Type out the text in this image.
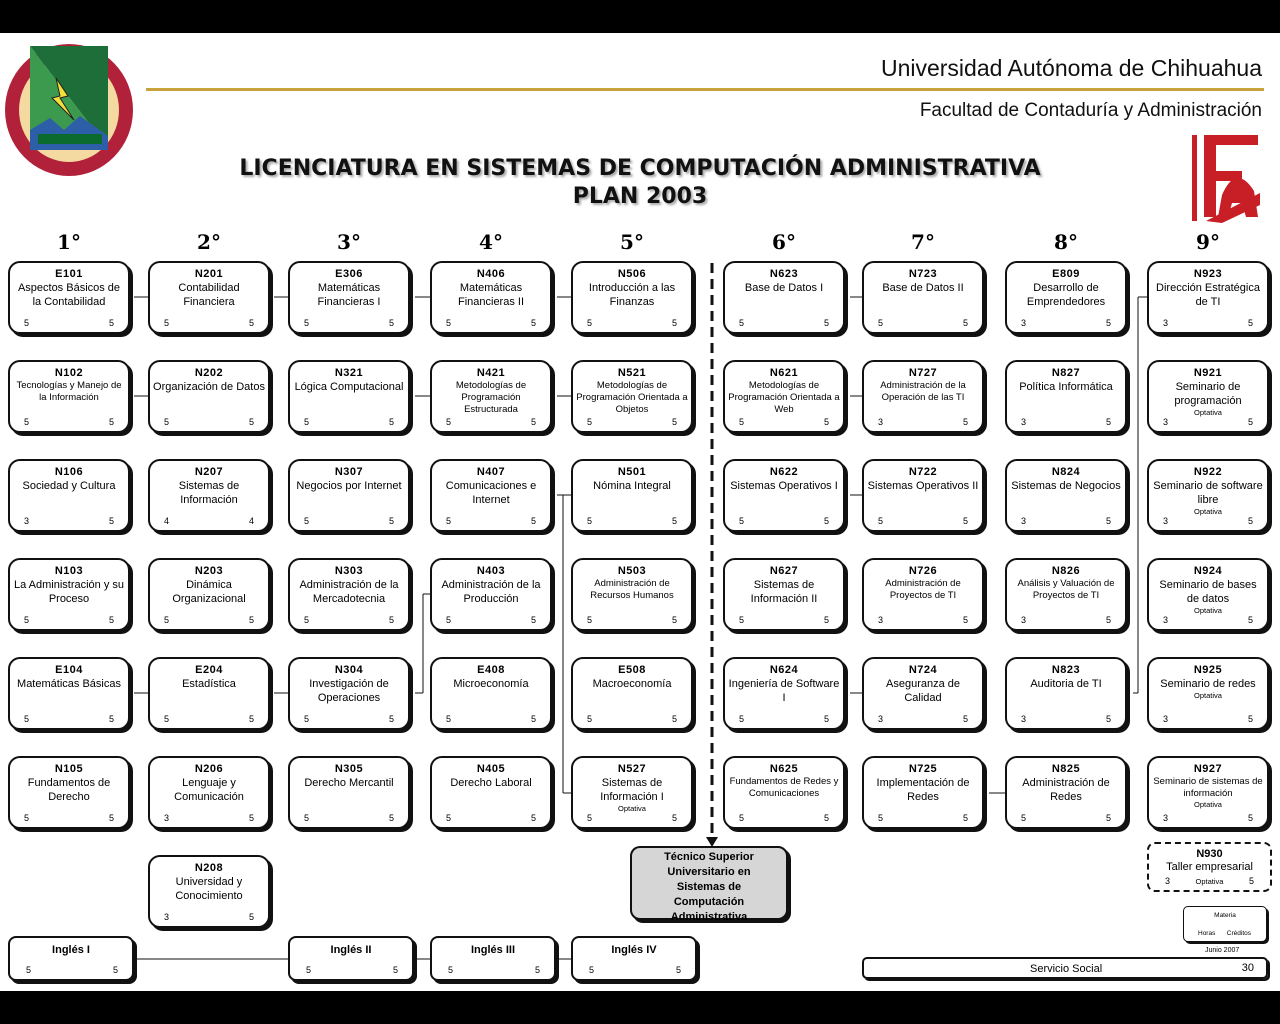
Universidad Autónoma de Chihuahua
Facultad de Contaduría y Administración
LICENCIATURA EN SISTEMAS DE COMPUTACIÓN ADMINISTRATIVA
PLAN 2003
1°	2°	3°	4°	5°	6°	7°	8°	9°
E101
Aspectos Básicos de la Contabilidad
5	5
N102
Tecnologías y Manejo de la Información
5	5
N106
Sociedad y Cultura
3	5
N103
La Administración y su Proceso
5	5
E104
Matemáticas Básicas
5	5
N105
Fundamentos de Derecho
5	5
N201
Contabilidad Financiera
5	5
N202
Organización de Datos
5	5
N207
Sistemas de Información
4	4
N203
Dinámica Organizacional
5	5
E204
Estadística
5	5
N206
Lenguaje y Comunicación
3	5
N208
Universidad y Conocimiento
3	5
E306
Matemáticas Financieras I
5	5
N321
Lógica Computacional
5	5
N307
Negocios por Internet
5	5
N303
Administración de la Mercadotecnia
5	5
N304
Investigación de Operaciones
5	5
N305
Derecho Mercantil
5	5
N406
Matemáticas Financieras II
5	5
N421
Metodologías de Programación Estructurada
5	5
N407
Comunicaciones e Internet
5	5
N403
Administración de la Producción
5	5
E408
Microeconomía
5	5
N405
Derecho Laboral
5	5
N506
Introducción a las Finanzas
5	5
N521
Metodologías de Programación Orientada a Objetos
5	5
N501
Nómina Integral
5	5
N503
Administración de Recursos Humanos
5	5
E508
Macroeconomía
5	5
N527
Sistemas de Información I
Optativa
5	5
N623
Base de Datos I
5	5
N621
Metodologías de Programación Orientada a Web
5	5
N622
Sistemas Operativos I
5	5
N627
Sistemas de Información II
5	5
N624
Ingeniería de Software I
5	5
N625
Fundamentos de Redes y Comunicaciones
5	5
N723
Base de Datos II
5	5
N727
Administración de la Operación de las TI
3	5
N722
Sistemas Operativos II
5	5
N726
Administración de Proyectos de TI
3	5
N724
Aseguranza de Calidad
3	5
N725
Implementación de Redes
5	5
E809
Desarrollo de Emprendedores
3	5
N827
Política Informática
3	5
N824
Sistemas de Negocios
3	5
N826
Análisis y Valuación de Proyectos de TI
3	5
N823
Auditoria de TI
3	5
N825
Administración de Redes
5	5
N923
Dirección Estratégica de TI
3	5
N921
Seminario de programación
Optativa
3	5
N922
Seminario de software libre
Optativa
3	5
N924
Seminario de bases de datos
Optativa
3	5
N925
Seminario de redes
Optativa
3	5
N927
Seminario de sistemas de información
Optativa
3	5
Inglés I
5	5
Inglés II
5	5
Inglés III
5	5
Inglés IV
5	5
Técnico Superior
Universitario en
Sistemas de
Computación
Administrativa
N930
Taller empresarial
3	Optativa	5
Materia
Horas Créditos
Junio 2007
Servicio Social	30
